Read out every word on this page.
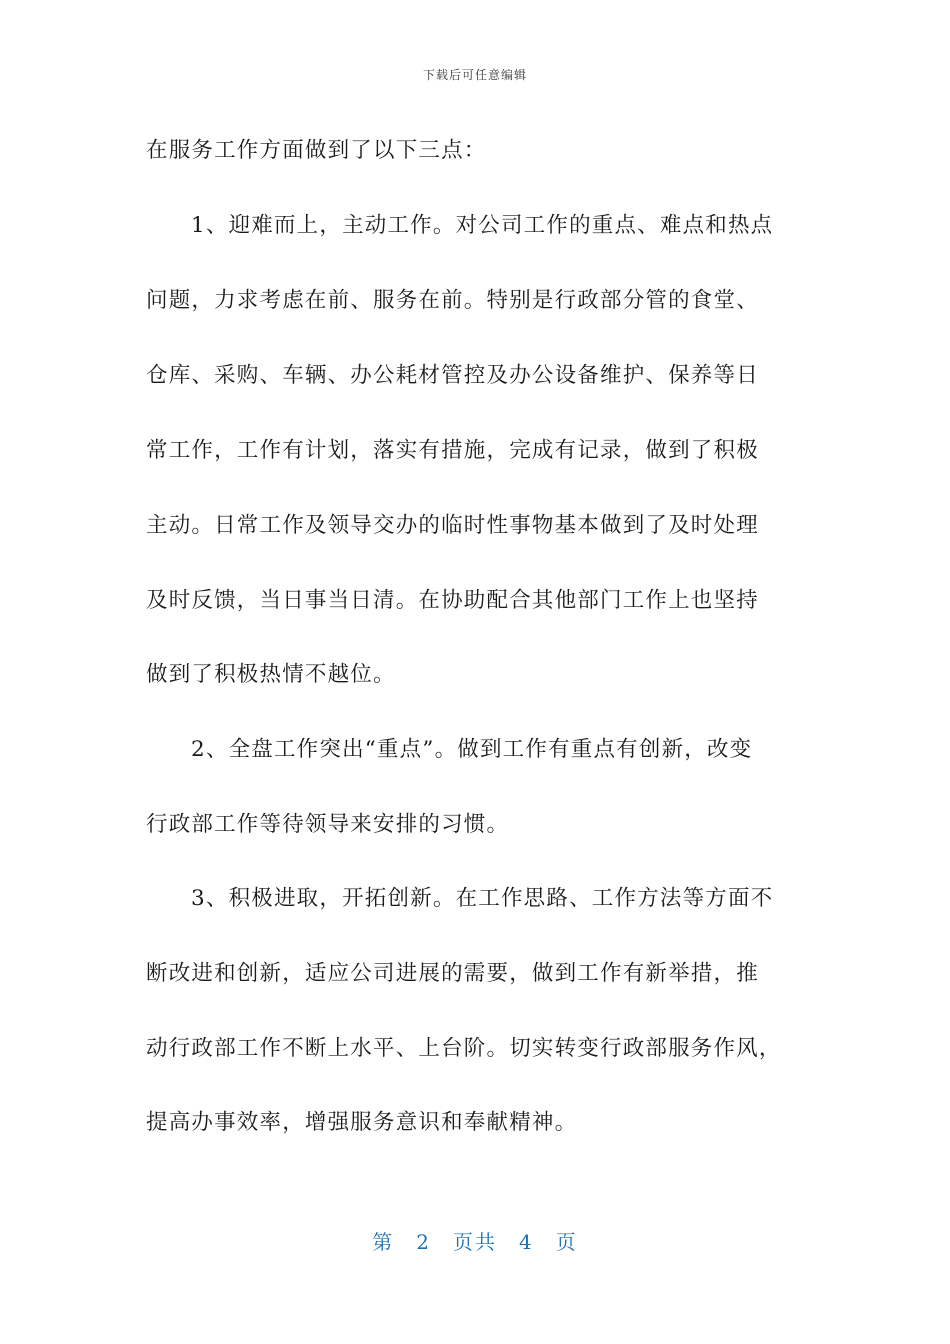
下载后可任意编辑
在服务工作方面做到了以下三点：
1、迎难而上，主动工作。对公司工作的重点、难点和热点
问题，力求考虑在前、服务在前。特别是行政部分管的食堂、
仓库、采购、车辆、办公耗材管控及办公设备维护、保养等日
常工作，工作有计划，落实有措施，完成有记录，做到了积极
主动。日常工作及领导交办的临时性事物基本做到了及时处理
及时反馈，当日事当日清。在协助配合其他部门工作上也坚持
做到了积极热情不越位。
2、全盘工作突出“重点”。做到工作有重点有创新，改变
行政部工作等待领导来安排的习惯。
3、积极进取，开拓创新。在工作思路、工作方法等方面不
断改进和创新，适应公司进展的需要，做到工作有新举措，推
动行政部工作不断上水平、上台阶。切实转变行政部服务作风，
提高办事效率，增强服务意识和奉献精神。
第 2 页共 4 页
